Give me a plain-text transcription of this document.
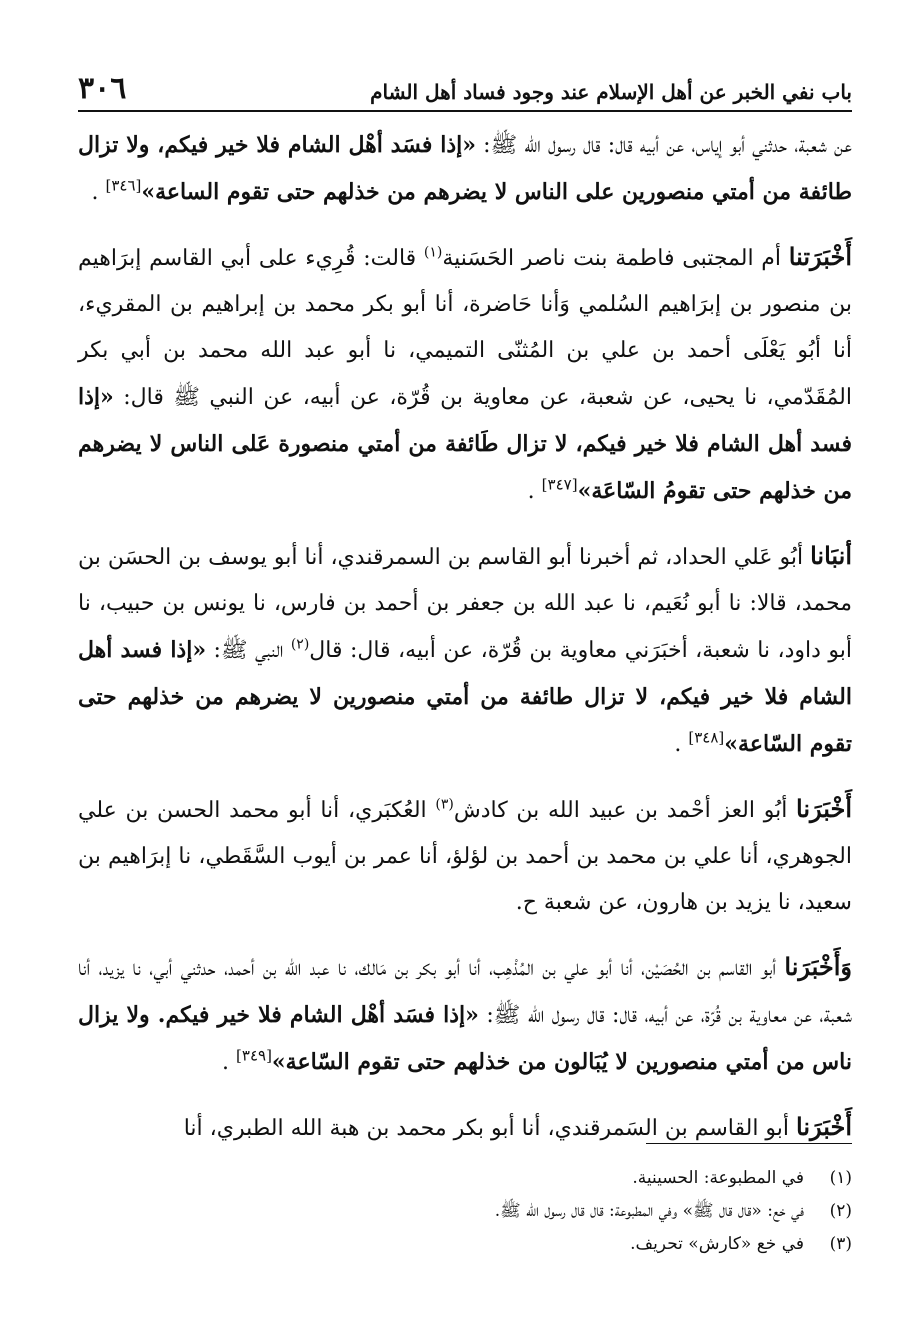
باب نفي الخبر عن أهل الإسلام عند وجود فساد أهل الشام
٣٠٦

عن شعبة، حدثني أبو إياس، عن أبيه قال: قال رسول الله ﷺ: «إذا فسَد أهْل الشام فلا خير فيكم، ولا تزال طائفة من أمتي منصورين على الناس لا يضرهم من خذلهم حتى تقوم الساعة»[٣٤٦] .

أَخْبَرَتنا أم المجتبى فاطمة بنت ناصر الحَسَنية$^{(١)}$ قالت: قُرِيء على أبي القاسم إبرَاهيم بن منصور بن إبرَاهيم السُلمي وَأنا حَاضرة، أنا أبو بكر محمد بن إبراهيم بن المقريء، أنا أبُو يَعْلَى أحمد بن علي بن المُثنّى التميمي، نا أبو عبد الله محمد بن أبي بكر المُقَدّمي، نا يحيى، عن شعبة، عن معاوية بن قُرّة، عن أبيه، عن النبي ﷺ قال: «إذا فسد أهل الشام فلا خير فيكم، لا تزال طَائفة من أمتي منصورة عَلى الناس لا يضرهم من خذلهم حتى تقومُ السّاعَة»[٣٤٧] .

أنبَانا أبُو عَلي الحداد، ثم أخبرنا أبو القاسم بن السمرقندي، أنا أبو يوسف بن الحسَن بن محمد، قالا: نا أبو نُعَيم، نا عبد الله بن جعفر بن أحمد بن فارس، نا يونس بن حبيب، نا أبو داود، نا شعبة، أخبَرَني معاوية بن قُرّة، عن أبيه، قال: قال$^{(٢)}$ النبي ﷺ: «إذا فسد أهل الشام فلا خير فيكم، لا تزال طائفة من أمتي منصورين لا يضرهم من خذلهم حتى تقوم السّاعة»[٣٤٨] .

أَخْبَرَنا أبُو العز أحْمد بن عبيد الله بن كادش$^{(٣)}$ العُكبَري، أنا أبو محمد الحسن بن علي الجوهري، أنا علي بن محمد بن أحمد بن لؤلؤ، أنا عمر بن أيوب السَّقَطي، نا إبرَاهيم بن سعيد، نا يزيد بن هارون، عن شعبة ح.

وَأَخْبَرَنا أبو القاسم بن الحُصَيْن، أنا أبو علي بن المُذْهِب، أنا أبو بكر بن مَالك، نا عبد الله بن أحمد، حدثني أبي، نا يزيد، أنا شعبة، عن معاوية بن قُرّة، عن أبيه، قال: قال رسول الله ﷺ: «إذا فسَد أهْل الشام فلا خير فيكم. ولا يزال ناس من أمتي منصورين لا يُبَالون من خذلهم حتى تقوم السّاعة»[٣٤٩] .

أَخْبَرَنا أبو القاسم بن السَمرقندي، أنا أبو بكر محمد بن هبة الله الطبري، أنا

(١)
في المطبوعة: الحسينية.
(٢)
في خع: «قال قال ﷺ» وفي المطبوعة: قال قال رسول الله ﷺ.
(٣)
في خع «كارش» تحريف.
